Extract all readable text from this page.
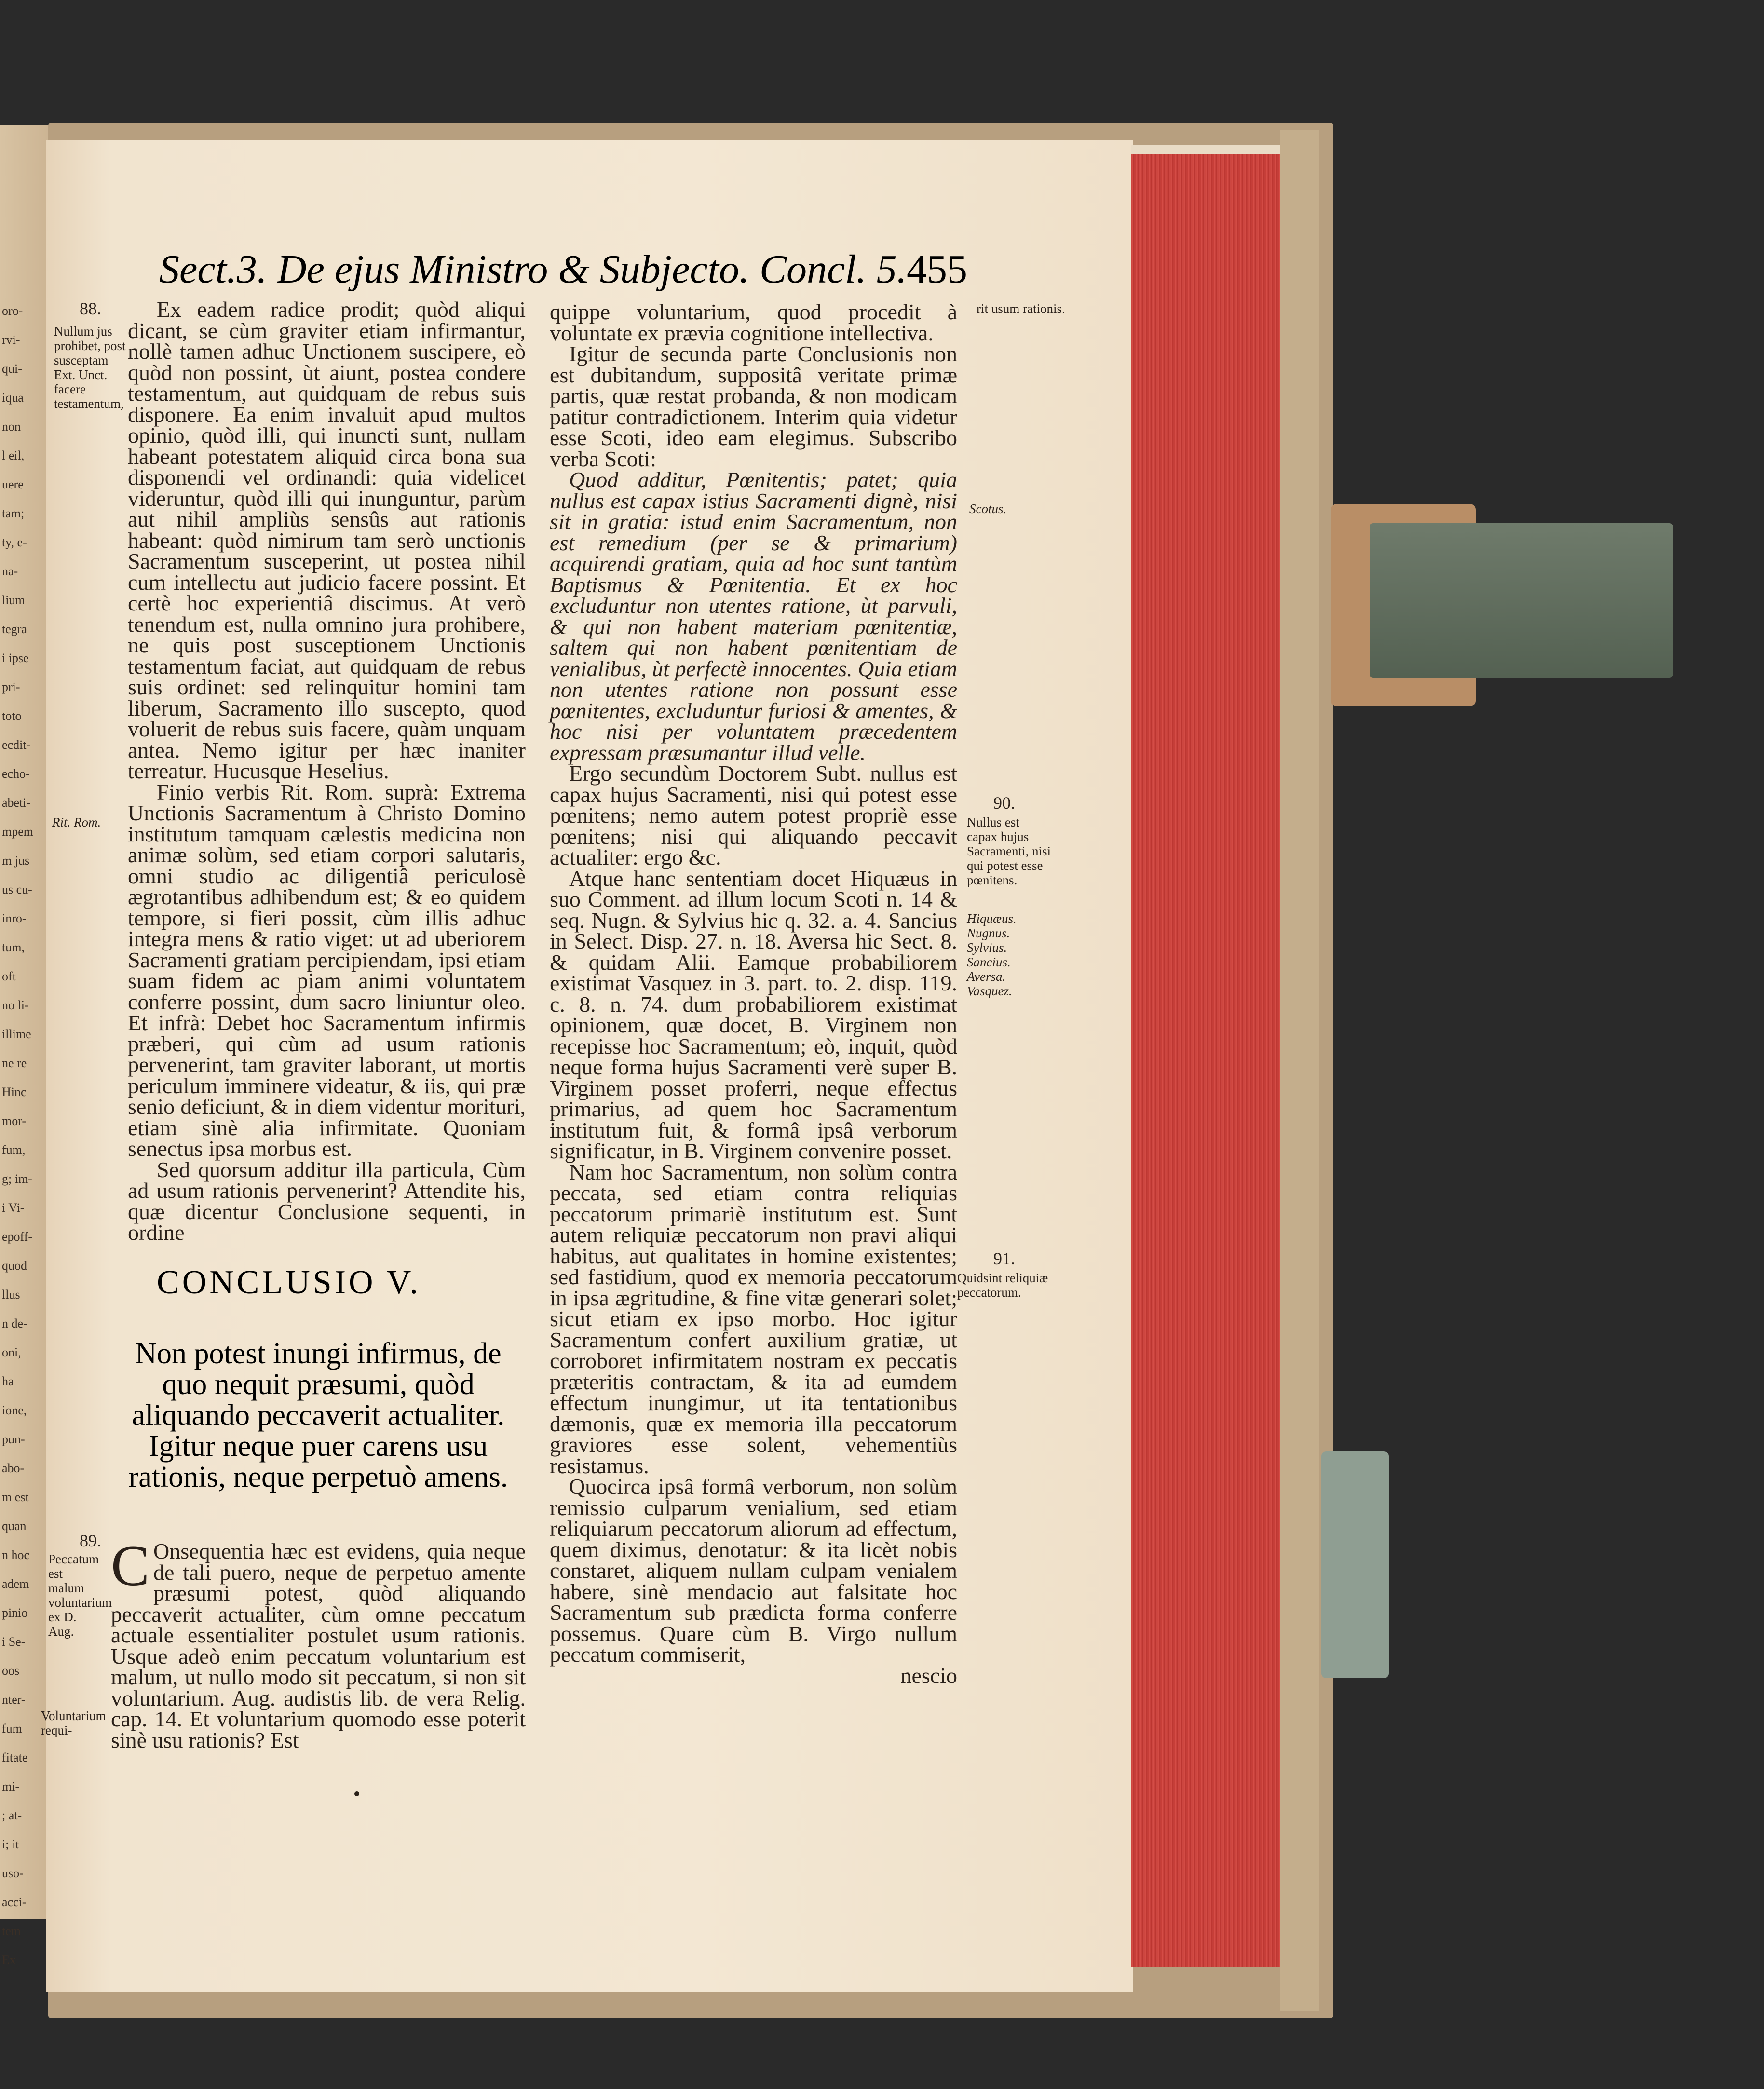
oro-
rvi-
qui-
iqua
non
l eil,
uere
tam;
ty, e-
na-
lium
tegra
i ipse
pri-
toto
ecdit-
echo-
abeti-
mpem
m jus
us cu-
inro-
tum,
oft
no li-
illime
ne re
Hinc
mor-
fum,
g; im-
i Vi-
epoff-
quod
llus
n de-
oni,
ha
ione,
pun-
abo-
m est
quan
n hoc
adem
pinio
i Se-
oos
nter-
fum
fitate
mi-
; at-
i; it
uso-
acci-
tem
Ex
Sect.3. De ejus Ministro & Subjecto. Concl. 5. 455
88.
Nullum jus prohibet, post susceptam Ext. Unct. facere testamentum,
Rit. Rom.

Ex eadem radice prodit; quòd aliqui dicant, se cùm graviter etiam infirmantur, nollè tamen adhuc Unctionem suscipere, eò quòd non possint, ùt aiunt, postea condere testamentum, aut quidquam de rebus suis disponere. Ea enim invaluit apud multos opinio, quòd illi, qui inuncti sunt, nullam habeant potestatem aliquid circa bona sua disponendi vel ordinandi: quia videlicet videruntur, quòd illi qui inunguntur, parùm aut nihil ampliùs sensûs aut rationis habeant: quòd nimirum tam serò unctionis Sacramentum susceperint, ut postea nihil cum intellectu aut judicio facere possint. Et certè hoc experientiâ discimus. At verò tenendum est, nulla omnino jura prohibere, ne quis post susceptionem Unctionis testamentum faciat, aut quidquam de rebus suis ordinet: sed relinquitur homini tam liberum, Sacramento illo suscepto, quod voluerit de rebus suis facere, quàm unquam antea. Nemo igitur per hæc inaniter terreatur. Hucusque Heselius.

Finio verbis Rit. Rom. suprà: Extrema Unctionis Sacramentum à Christo Domino institutum tamquam cælestis medicina non animæ solùm, sed etiam corpori salutaris, omni studio ac diligentiâ periculosè ægrotantibus adhibendum est; & eo quidem tempore, si fieri possit, cùm illis adhuc integra mens & ratio viget: ut ad uberiorem Sacramenti gratiam percipiendam, ipsi etiam suam fidem ac piam animi voluntatem conferre possint, dum sacro liniuntur oleo. Et infrà: Debet hoc Sacramentum infirmis præberi, qui cùm ad usum rationis pervenerint, tam graviter laborant, ut mortis periculum imminere videatur, & iis, qui præ senio deficiunt, & in diem videntur morituri, etiam sinè alia infirmitate. Quoniam senectus ipsa morbus est.

Sed quorsum additur illa particula, Cùm ad usum rationis pervenerint? Attendite his, quæ dicentur Conclusione sequenti, in ordine

CONCLUSIO V.
Non potest inungi infirmus, de quo nequit præsumi, quòd aliquando peccaverit actualiter. Igitur neque puer carens usu rationis, neque perpetuò amens.
89.
Peccatum est malum voluntarium ex D. Aug.
Voluntarium requi-
C Onsequentia hæc est evidens, quia neque de tali puero, neque de perpetuo amente præsumi potest, quòd aliquando peccaverit actualiter, cùm omne peccatum actuale essentialiter postulet usum rationis. Usque adeò enim peccatum voluntarium est malum, ut nullo modo sit peccatum, si non sit voluntarium. Aug. audistis lib. de vera Relig. cap. 14. Et voluntarium quomodo esse poterit sinè usu rationis? Est
rit usum rationis.
Scotus.
90.
Nullus est capax hujus Sacramenti, nisi qui potest esse pœnitens.
Hiquæus. Nugnus. Sylvius. Sancius. Aversa. Vasquez.
91.
Quidsint reliquiæ peccatorum.

quippe voluntarium, quod procedit à voluntate ex prævia cognitione intellectiva.

Igitur de secunda parte Conclusionis non est dubitandum, suppositâ veritate primæ partis, quæ restat probanda, & non modicam patitur contradictionem. Interim quia videtur esse Scoti, ideo eam elegimus. Subscribo verba Scoti:

Quod additur, Pœnitentis; patet; quia nullus est capax istius Sacramenti dignè, nisi sit in gratia: istud enim Sacramentum, non est remedium (per se & primarium) acquirendi gratiam, quia ad hoc sunt tantùm Baptismus & Pœnitentia. Et ex hoc excluduntur non utentes ratione, ùt parvuli, & qui non habent materiam pœnitentiæ, saltem qui non habent pœnitentiam de venialibus, ùt perfectè innocentes. Quia etiam non utentes ratione non possunt esse pœnitentes, excluduntur furiosi & amentes, & hoc nisi per voluntatem præcedentem expressam præsumantur illud velle.

Ergo secundùm Doctorem Subt. nullus est capax hujus Sacramenti, nisi qui potest esse pœnitens; nemo autem potest propriè esse pœnitens; nisi qui aliquando peccavit actualiter: ergo &c.

Atque hanc sententiam docet Hiquæus in suo Comment. ad illum locum Scoti n. 14 & seq. Nugn. & Sylvius hic q. 32. a. 4. Sancius in Select. Disp. 27. n. 18. Aversa hic Sect. 8. & quidam Alii. Eamque probabiliorem existimat Vasquez in 3. part. to. 2. disp. 119. c. 8. n. 74. dum probabiliorem existimat opinionem, quæ docet, B. Virginem non recepisse hoc Sacramentum; eò, inquit, quòd neque forma hujus Sacramenti verè super B. Virginem posset proferri, neque effectus primarius, ad quem hoc Sacramentum institutum fuit, & formâ ipsâ verborum significatur, in B. Virginem convenire posset.

Nam hoc Sacramentum, non solùm contra peccata, sed etiam contra reliquias peccatorum primariè institutum est. Sunt autem reliquiæ peccatorum non pravi aliqui habitus, aut qualitates in homine existentes; sed fastidium, quod ex memoria peccatorum in ipsa ægritudine, & fine vitæ generari solet; sicut etiam ex ipso morbo. Hoc igitur Sacramentum confert auxilium gratiæ, ut corroboret infirmitatem nostram ex peccatis præteritis contractam, & ita ad eumdem effectum inungimur, ut ita tentationibus dæmonis, quæ ex memoria illa peccatorum graviores esse solent, vehementiùs resistamus.

Quocirca ipsâ formâ verborum, non solùm remissio culparum venialium, sed etiam reliquiarum peccatorum aliorum ad effectum, quem diximus, denotatur: & ita licèt nobis constaret, aliquem nullam culpam venialem habere, sinè mendacio aut falsitate hoc Sacramentum sub prædicta forma conferre possemus. Quare cùm B. Virgo nullum peccatum commiserit,

nescio
